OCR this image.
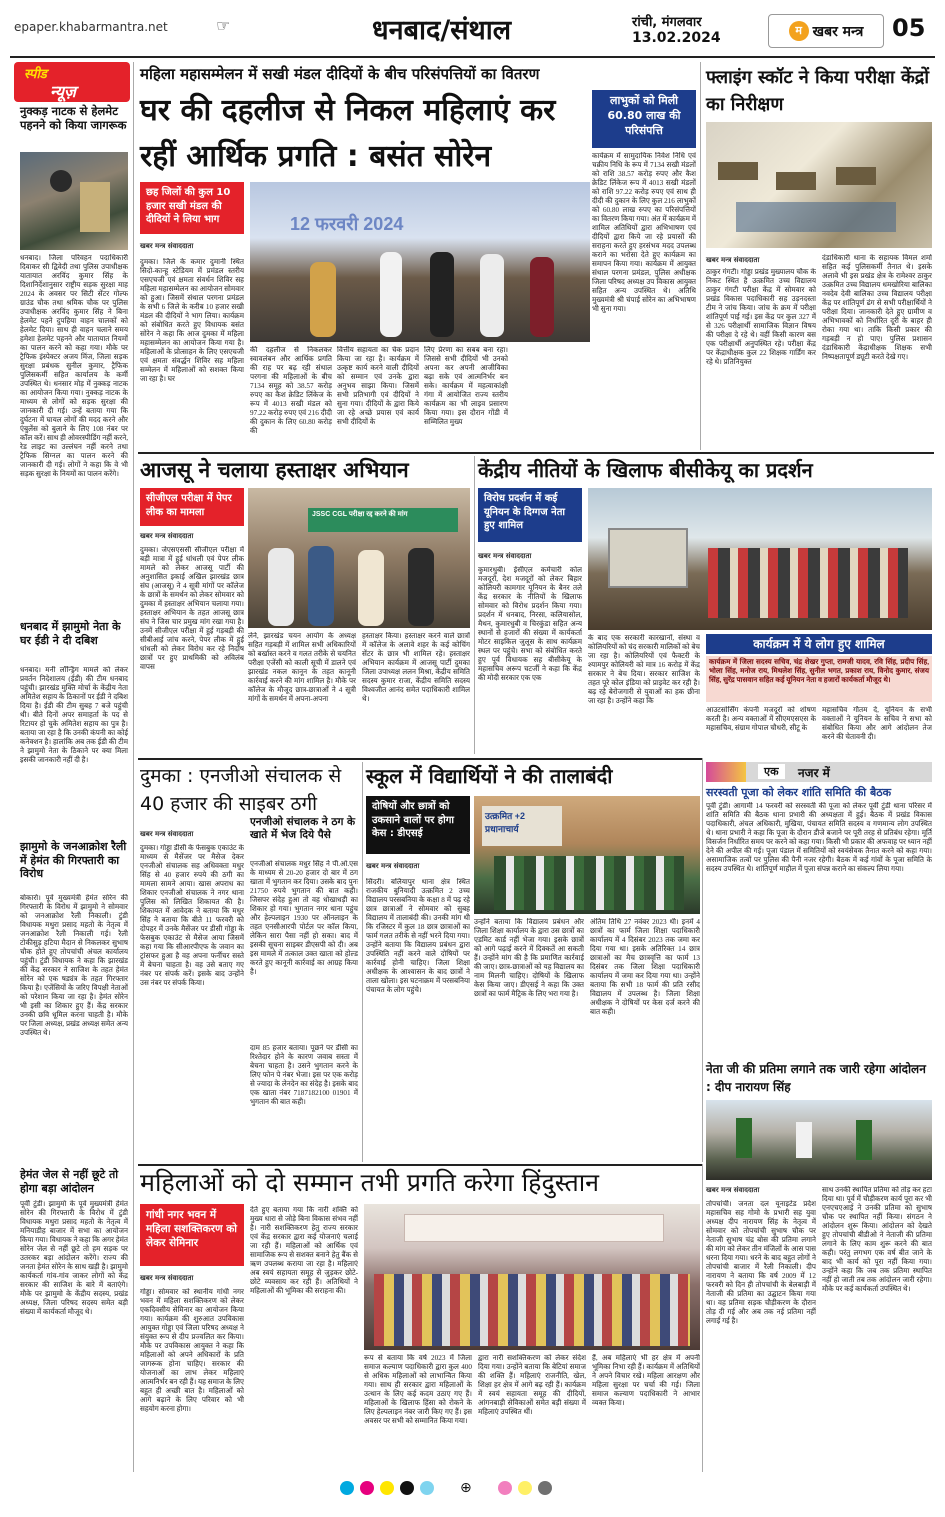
epaper.khabarmantra.net	☞	धनबाद/संथाल	रांची, मंगलवार
13.02.2024	म खबर मन्त्र 05
स्पीड
न्यूज़
नुक्कड़ नाटक से हेलमेट पहनने को किया जागरूक
धनबाद। जिला परिवहन पदाधिकारी दिवाकर सी द्विवेदी तथा पुलिस उपाधीक्षक यातायात अरविंद कुमार सिंह के दिशानिर्देशानुसार राष्ट्रीय सड़क सुरक्षा माह 2024 के अवसर पर सिटी सेंटर गोल्फ ग्राउंड चौक तथा श्रमिक चौक पर पुलिस उपाधीक्षक अरविंद कुमार सिंह ने बिना हेलमेट पहने दुपहिया वाहन चालकों को हेलमेट दिया। साथ ही वाहन चलाने समय हमेशा हेलमेट पहनने और यातायात नियमों का पालन करने को कहा गया। मौके पर ट्रैफिक इंस्पेक्टर अजय मिंज, जिला सड़क सुरक्षा प्रबंधक सुनील कुमार, ट्रैफिक पुलिसकर्मी सहित कार्यालय के कर्मी उपस्थित थे। धनसार मोड़ में नुक्कड़ नाटक का आयोजन किया गया। नुक्कड़ नाटक के माध्यम से लोगों को सड़क सुरक्षा की जानकारी दी गई। उन्हें बताया गया कि दुर्घटना में घायल लोगों की मदद करने और एंबुलेंस को बुलाने के लिए 108 नंबर पर कॉल करें। साथ ही ओवरस्पीडिंग नहीं करने, रेड लाइट का उल्लंघन नहीं करने तथा ट्रैफिक सिग्नल का पालन करने की जानकारी दी गई। लोगों ने कहा कि वे भी सड़क सुरक्षा के नियमों का पालन करेंगे।
धनबाद में झामुमो नेता के घर ईडी ने दी दबिश
धनबाद। मनी लॉन्ड्रिंग मामले को लेकर प्रवर्तन निदेशालय (ईडी) की टीम धनबाद पहुंची। झारखंड मुक्ति मोर्चा के केंद्रीय नेता अमितेश सहाय के ठिकानों पर ईडी ने दबिश दिया है। ईडी की टीम सुबह 7 बजे पहुंची थी। बीते दिनों अपर समाहर्ता के पद से रिटायर हो चुके अमितेश सहाय का पुत्र है। बताया जा रहा है कि उनकी कंपनी का कोई कनेक्शन है। हालांकि अब तक ईडी की टीम ने झामुमो नेता के ठिकाने पर क्या मिला इसकी जानकारी नहीं दी है।
झामुमो के जनआक्रोश रैली में हेमंत की गिरफ्तारी का विरोध
बोकारो। पूर्व मुख्यमंत्री हेमंत सोरेन की गिरफ्तारी के विरोध में झामुमो ने सोमवार को जनआक्रोश रैली निकाली। टुंडी विधायक मथुरा प्रसाद महतो के नेतृत्व में जनआक्रोश रैली निकाली गई। रैली टोकीसुड़ हटिया मैदान से निकलकर सुभाष चौक होते हुए तोपचांची अंचल कार्यालय पहुंची। टुंडी विधायक ने कहा कि झारखंड की केंद्र सरकार ने साजिश के तहत हेमंत सोरेन को एक षड्यंत्र के तहत गिरफ्तार किया है। एजेंसियों के जरिए विपक्षी नेताओं को परेशान किया जा रहा है। हेमंत सोरेन भी इसी का शिकार हुए हैं। केंद्र सरकार उनकी छवि धूमिल करना चाहती है। मौके पर जिला अध्यक्ष, प्रखंड अध्यक्ष समेत अन्य उपस्थित थे।
हेमंत जेल से नहीं छूटे तो होगा बड़ा आंदोलन
पूर्वी टुंडी। झामुमो के पूर्व मुख्यमंत्री हेमंत सोरेन की गिरफ्तारी के विरोध में टुंडी विधायक मथुरा प्रसाद महतो के नेतृत्व में मनियाडीह बाजार में सभा का आयोजन किया गया। विधायक ने कहा कि अगर हेमंत सोरेन जेल से नहीं छूटे तो हम सड़क पर उतरकर बड़ा आंदोलन करेंगे। राज्य की जनता हेमंत सोरेन के साथ खड़ी है। झामुमो कार्यकर्ता गांव-गांव जाकर लोगों को केंद्र सरकार की साजिश के बारे में बताएंगे। मौके पर झामुमो के केंद्रीय सदस्य, प्रखंड अध्यक्ष, जिला परिषद सदस्य समेत बड़ी संख्या में कार्यकर्ता मौजूद थे।
महिला महासम्मेलन में सखी मंडल दीदियों के बीच परिसंपत्तियों का वितरण
घर की दहलीज से निकल महिलाएं कर रहीं आर्थिक प्रगति : बसंत सोरेन
लाभुकों को मिली 60.80 लाख की परिसंपत्ति
छह जिलों की कुल 10 हजार सखी मंडल की दीदियों ने लिया भाग	12 फरवरी 2024
खबर मन्त्र संवाददाता
दुमका। जिले के कमार दुमानी स्थित सिदो-कान्हू स्टेडियम में प्रमंडल स्तरीय एसएचजी एवं क्षमता संवर्धन शिविर सह महिला महासम्मेलन का आयोजन सोमवार को हुआ। जिसमें संथाल परगना प्रमंडल के सभी 6 जिले के करीब 10 हजार सखी मंडल की दीदियों ने भाग लिया। कार्यक्रम को संबोधित करते हुए विधायक बसंत सोरेन ने कहा कि आज दुमका में महिला महासम्मेलन का आयोजन किया गया है। महिलाओं के प्रोत्साहन के लिए एसएचजी एवं क्षमता संवर्द्धन शिविर सह महिला सम्मेलन में महिलाओं को सशक्त किया जा रहा है। घर
की दहलीज से निकलकर स्वावलंबन और आर्थिक प्रगति की राह पर बढ़ रही संथाल परगना की महिलाओं के बीच 7134 समूह को 38.57 करोड़ रुपए का कैश क्रेडिट लिंकेज के रूप में 4013 सखी मंडल को 97.22 करोड़ रुपए एवं 216 दीदी की दुकान के लिए 60.80 करोड़ की
वित्तीय सहायता का चेक प्रदान किया जा रहा है। कार्यक्रम में उत्कृष्ट कार्य करने वाली दीदियों को सम्मान एवं उनके द्वारा अनुभव साझा किया। जिसमें सभी प्रतिभागी एवं दीदियों ने सुना गया। दीदियों के द्वारा किये जा रहे अच्छे प्रयास एवं कार्य सभी दीदियों के
लिए प्रेरणा का सबब बना रहा। जिससे सभी दीदियों भी उनको अपना कर अपनी आजीविका बढ़ा सके एवं आत्मनिर्भर बन सके। कार्यक्रम में महत्वाकांक्षी गंगा में आयोजित राज्य स्तरीय कार्यक्रम का भी लाइव प्रसारण किया गया। इस दौरान गोंडी में सम्मिलित मुख्य
कार्यक्रम में सामुदायिक निवेश निधि एवं चक्रीय निधि के रूप में 7134 सखी मंडलों को राशि 38.57 करोड़ रुपए और कैश क्रेडिट लिंकेज रूप में 4013 सखी मंडलों को राशि 97.22 करोड़ रुपए एवं साथ ही दीदी की दुकान के लिए कुल 216 लाभुकों को 60.80 लाख रुपए का परिसंपत्तियों का वितरण किया गया। अंत में कार्यक्रम में शामिल अतिथियों द्वारा अभिभाषण एवं दीदियों द्वारा किये जा रहे प्रयासों की सराहना करते हुए हरसंभव मदद उपलब्ध कराने का भरोसा देते हुए कार्यक्रम का समापन किया गया। कार्यक्रम में आयुक्त संथाल परगना प्रमंडल, पुलिस अधीक्षक जिला परिषद अध्यक्ष उप विकास आयुक्त सहित अन्य उपस्थित थे। अतिथि मुख्यमंत्री श्री चंपाई सोरेन का अभिभाषण भी सुना गया।
फ्लाइंग स्कॉट ने किया परीक्षा केंद्रों का निरीक्षण
खबर मन्त्र संवाददाता
ठाकुर गंगटी। गोड्डा प्रखंड मुख्यालय चौक के निकट स्थित है उत्क्रमित उच्च विद्यालय ठाकुर गंगटी परीक्षा केंद्र में सोमवार को प्रखंड विकास पदाधिकारी सह उड़नदस्ता टीम ने जांच किया। जांच के क्रम में परीक्षा शांतिपूर्ण पाई गई। इस केंद्र पर कुल 327 में से 326 परीक्षार्थी सामाजिक विज्ञान विषय की परीक्षा दे रहे थे। वहीं किसी कारण बस एक परीक्षार्थी अनुपस्थित रहे। परीक्षा केंद्र पर केंद्राधीक्षक कुल 22 शिक्षक गार्डिंग कर रहे थे। प्रतिनियुक्त
दंडाधिकारी थाना के सहायक विमल शर्मा सहित कई पुलिसकर्मी तैनात थे। इसके अलावे भी इस प्रखंड क्षेत्र के रामेश्वर ठाकुर उत्क्रमित उच्च विद्यालय धमखोरिया बालिका नवदेव देवी बालिका उच्च विद्यालय परीक्षा केंद्र पर शांतिपूर्ण ढंग से सभी परीक्षार्थियों ने परीक्षा दिया। जानकारी देते हुए ग्रामीण व अभिभावकों को निर्धारित दूरी के बाहर ही रोका गया था। ताकि किसी प्रकार की गड़बड़ी न हो पाए। पुलिस प्रशासन दंडाधिकारी केंद्राधीक्षक शिक्षक सभी निष्पक्षतापूर्ण ड्यूटी करते देखे गए।
आजसू ने चलाया हस्ताक्षर अभियान
सीजीएल परीक्षा में पेपर लीक का मामला	JSSC CGL परीक्षा रद्द करने की मांग
खबर मन्त्र संवाददाता
दुमका। जेएसएससी सीजीएल परीक्षा में बड़ी मात्रा में हुई धांधली एवं पेपर लीक मामले को लेकर आजसू पार्टी की अनुशासित इकाई अखिल झारखंड छात्र संघ (आजसू) ने 4 सूत्री मांगों पर कॉलेज के छात्रों के समर्थन को लेकर सोमवार को दुमका में हस्ताक्षर अभियान चलाया गया। हस्ताक्षर अभियान के तहत आजसू छात्र संघ ने जिस चार प्रमुख मांग रखा गया है। उनमें सीजीएल परीक्षा में हुई गड़बड़ी की सीबीआई जांच करने, पेपर लीक में हुई धांधली को लेकर विरोध कर रहे निर्दोष छात्रों पर हुए प्राथमिकी को अविलंब वापस
लेने, झारखंड चयन आयोग के अध्यक्ष सहित गड़बड़ी में शामिल सभी अधिकारियों को बर्खास्त करने व गलत तरीके से चयनित परीक्षा एजेंसी को काली सूची में डालने एवं झारखंड नकल कानून के तहत कानूनी कार्रवाई करने की मांग शामिल है। मौके पर कॉलेज के मौजूद छात्र-छात्राओं ने 4 सूत्री मांगों के समर्थन में अपना-अपना
हस्ताक्षर किया। हस्ताक्षर करने वाले छात्रों में कॉलेज के अलावे शहर के कई कोचिंग सेंटर के छात्र भी शामिल रहे। हस्ताक्षर अभियान कार्यक्रम में आजसू पार्टी दुमका जिला उपाध्यक्ष ललन मिश्रा, केंद्रीय समिति सदस्य कुमार राजा, केंद्रीय समिति सदस्य विश्वजीत आनंद समेत पदाधिकारी शामिल थे।
केंद्रीय नीतियों के खिलाफ बीसीकेयू का प्रदर्शन
विरोध प्रदर्शन में कई यूनियन के दिग्गज नेता हुए शामिल
खबर मन्त्र संवाददाता
कुमारधुबी। ईसीएल कर्मचारी कोल मजदूरों, देश मजदूरों को लेकर बिहार कोलियरी कामगार यूनियन के बैनर तले केंद्र सरकार के नीतियों के खिलाफ सोमवार को विरोध प्रदर्शन किया गया। प्रदर्शन में धनबाद, निरसा, कलियासोल, मैथन, कुमारधुबी व चिरकुंडा सहित अन्य स्थानों से हजारों की संख्या में कार्यकर्ता मोटर साइकिल जुलूस के साथ कार्यक्रम स्थल पर पहुंचे। सभा को संबोधित करते हुए पूर्व विधायक सह बीसीकेयू के महासचिव अरूप चटर्जी ने कहा कि केंद्र की मोदी सरकार एक एक
कार्यक्रम में ये लोग हुए शामिल
कार्यक्रम में जिला सदस्य सचिव, चंद्र शेखर गुप्ता, रामजी यादव, रवि सिंह, प्रदीप सिंह, भोला सिंह, मनोज राय, मिथलेश सिंह, सुनील भगत, प्रकाश राय, विनोद कुमार, संजय सिंह, सुरेंद्र पासवान सहित कई यूनियन नेता व हजारों कार्यकर्ता मौजूद थे।
के बाद एक सरकारी कारखानों, संस्था व कोलियरियों को चंद सरकारी मालिकों को बेच जा रहा है। कोलियरियों एवं फैक्टरी के श्यामपुर कोलियरी को मात्र 16 करोड़ में केंद्र सरकार ने बेच दिया। सरकार साजिश के तहत पूरे कोल इंडिया को प्राइवेट कर रही है। बढ़ रहे बेरोजगारी से युवाओं का हक छीना जा रहा है। उन्होंने कहा कि
आउटसोर्सिंग कंपनी मजदूरों को शोषण करती है। अन्य वक्ताओं में सीएमएसएस के महासचिव, संग्राम गोपाल चौधरी, सीटू के
महासचिव गौतम दे, यूनियन के सभी वक्ताओं ने यूनियन के सचिव ने सभा को संबोधित किया और आगे आंदोलन तेज करने की चेतावनी दी।
दुमका : एनजीओ संचालक से 40 हजार की साइबर ठगी
खबर मन्त्र संवाददाता
दुमका। गोड्डा डीसी के फेसबुक एकाउंट के माध्यम से मैसेंजर पर मैसेज देकर एनजीओ संचालक सह अधिवक्ता मधुर सिंह से 40 हजार रुपये की ठगी का मामला सामने आया। खास अपराध का शिकार एनजीओ संचालक ने नगर थाना पुलिस को लिखित शिकायत की है। शिकायत में आवेदक ने बताया कि मधुर सिंह ने बताया कि बीते 11 फरवरी को दोपहर में उनके मैसेंजर पर डीसी गोड्डा के फेसबुक एकाउंट से मैसेज आया जिसमें कहा गया कि सीआरपीएफ के जवान का ट्रांसफर हुआ है वह अपना फर्नीचर सस्ते में बेचना चाहता है। वह उसे बताए गए नंबर पर संपर्क करें। इसके बाद उन्होंने उस नंबर पर संपर्क किया।
एनजीओ संचालक ने ठग के खाते में भेज दिये पैसे
एनजीओ संचालक मधुर सिंह ने पी.ओ.एस के माध्यम से 20-20 हजार दो बार में ठग खाता में भुगतान कर दिया। उसके बाद पुनः 21750 रुपये भुगतान की बात कही। जिसपर संदेह हुआ तो वह धोखाधड़ी का शिकार हो गया। भुगतान नगर थाना पहुंच और हेल्पलाइन 1930 पर ऑनलाइन के तहत एनसीआरपी पोर्टल पर कॉल किया, लेकिन सारा पैसा नहीं हो सका। बाद में इसकी सूचना साइबर डीएसपी को दी। अब इस मामले में तत्काल उक्त खाता को होल्ड करते हुए कानूनी कार्रवाई का आग्रह किया है।
दाम 85 हजार बताया। पूछने पर डीसी का रिश्तेदार होने के कारण जवाब सस्ता में बेचना चाहता है। उसने भुगतान करने के लिए फोन पे नंबर भेजा। इस पर एक करोड़ से ज्यादा के लेनदेन का संदेह है। इसके बाद एक खाता नंबर 7187182100 01901 में भुगतान की बात कही।
स्कूल में विद्यार्थियों ने की तालाबंदी
दोषियों और छात्रों को उकसाने वालों पर होगा केस : डीएसई
उत्क्रमित +2 प्रधानाचार्य
खबर मन्त्र संवाददाता
सिंदरी। बलियापुर थाना क्षेत्र स्थित राजकीय बुनियादी उत्क्रमित 2 उच्च विद्यालय परसबनिया के कक्षा 8 में पढ़ रहे छात्र छात्राओं ने सोमवार को सुबह विद्यालय में तालाबंदी की। उनकी मांग थी कि रजिस्टर में कुल 18 छात्र छात्राओं का फार्म गलत तरीके से नहीं भरने दिया गया। उन्होंने बताया कि विद्यालय प्रबंधन द्वारा उपस्थिति नहीं करने वाले दोषियों पर कार्रवाई होनी चाहिए। जिला शिक्षा अधीक्षक के आश्वासन के बाद छात्रों ने ताला खोला। इस घटनाक्रम में परसबनिया पंचायत के लोग पहुंचे।
उन्होंने बताया कि विद्यालय प्रबंधन और जिला शिक्षा कार्यालय के द्वारा उस छात्रों का एडमिट कार्ड नहीं भेजा गया। इसके छात्रों को आगे पढ़ाई करने में दिक्कतें आ सकती हैं। उन्होंने मांग की है कि प्रमाणित कार्रवाई की जाए। छात्र-छात्राओं को यह विद्यालय का नाम मिलनी चाहिए। दोषियों के खिलाफ केस किया जाए। डीएसई ने कहा कि उक्त छात्रों का फार्म मैट्रिक के लिए भरा गया है।
अंतिम तिथि 27 नवंबर 2023 थी। इनमें 4 छात्रों का फार्म जिला शिक्षा पदाधिकारी कार्यालय में 4 दिसंबर 2023 तक जमा कर दिया गया था। इसके अतिरिक्त 14 छात्र छात्राओं का मैच छात्रवृत्ति का फार्म 13 दिसंबर तक जिला शिक्षा पदाधिकारी कार्यालय में जमा कर दिया गया था। उन्होंने बताया कि सभी 18 फार्म की प्रति रसीद विद्यालय में उपलब्ध है। जिला शिक्षा अधीक्षक ने दोषियों पर केस दर्ज करने की बात कही।
एक	नजर में
सरस्वती पूजा को लेकर शांति समिति की बैठक
पूर्वी टुंडी। आगामी 14 फरवरी को सरस्वती की पूजा को लेकर पूर्वी टुंडी थाना परिसर में शांति समिति की बैठक थाना प्रभारी की अध्यक्षता में हुई। बैठक में प्रखंड विकास पदाधिकारी, अंचल अधिकारी, मुखिया, पंचायत समिति सदस्य व गणमान्य लोग उपस्थित थे। थाना प्रभारी ने कहा कि पूजा के दौरान डीजे बजाने पर पूरी तरह से प्रतिबंध रहेगा। मूर्ति विसर्जन निर्धारित समय पर करने को कहा गया। किसी भी प्रकार की अफवाह पर ध्यान नहीं देने की अपील की गई। पूजा पंडाल में समितियों को स्वयंसेवक तैनात करने को कहा गया। असामाजिक तत्वों पर पुलिस की पैनी नजर रहेगी। बैठक में कई गांवों के पूजा समिति के सदस्य उपस्थित थे। शांतिपूर्ण माहौल में पूजा संपन्न कराने का संकल्प लिया गया।
नेता जी की प्रतिमा लगाने तक जारी रहेगा आंदोलन : दीप नारायण सिंह
खबर मन्त्र संवाददाता
तोपचांची। जनता दल यूनाइटेड प्रदेश महासचिव सह गोमो के प्रभारी सह युवा अध्यक्ष दीप नारायण सिंह के नेतृत्व में सोमवार को तोपचांची सुभाष चौक पर नेताजी सुभाष चंद्र बोस की प्रतिमा लगाने की मांग को लेकर तीन मंजिलों के आस पास धरना दिया गया। धरने के बाद बहुत लोगों ने तोपचांची बाजार में रैली निकाली। दीप नारायण ने बताया कि वर्ष 2009 में 12 फरवरी को दिन ही तोपचांची के बेलबाड़ी में नेताजी की प्रतिमा का उद्घाटन किया गया था। वह प्रतिमा सड़क चौड़ीकरण के दौरान तोड़ दी गई और अब तक नई प्रतिमा नहीं लगाई गई है।
साथ उनकी स्थापित प्रतिमा को तोड़ कर हटा दिया था। पूर्व में चौड़ीकरण कार्य पूरा कर भी एनएचएआई ने उनकी प्रतिमा को सुभाष चौक पर स्थापित नहीं किया। संगठन ने आंदोलन शुरू किया। आंदोलन को देखते हुए तोपचांची बीडीओ ने नेताजी की प्रतिमा लगाने के लिए काम शुरू करने की बात कही। परंतु लगभग एक वर्ष बीत जाने के बाद भी कार्य को पूरा नहीं किया गया। उन्होंने कहा कि जब तक प्रतिमा स्थापित नहीं हो जाती तब तक आंदोलन जारी रहेगा। मौके पर कई कार्यकर्ता उपस्थित थे।
महिलाओं को दो सम्मान तभी प्रगति करेगा हिंदुस्तान
गांधी नगर भवन में महिला सशक्तिकरण को लेकर सेमिनार
खबर मन्त्र संवाददाता
गोड्डा। सोमवार को स्थानीय गांधी नगर भवन में महिला सशक्तिकरण को लेकर एकदिवसीय सेमिनार का आयोजन किया गया। कार्यक्रम की शुरुआत उपविकास आयुक्त गोड्डा एवं जिला परिषद अध्यक्ष ने संयुक्त रूप से दीप प्रज्वलित कर किया। मौके पर उपविकास आयुक्त ने कहा कि महिलाओं को अपने अधिकारों के प्रति जागरूक होना चाहिए। सरकार की योजनाओं का लाभ लेकर महिलाएं आत्मनिर्भर बन रही हैं। यह समाज के लिए बहुत ही अच्छी बात है। महिलाओं को आगे बढ़ाने के लिए परिवार को भी सहयोग करना होगा।
देते हुए बताया गया कि नारी शक्ति को मुख्य धारा से जोड़े बिना विकास संभव नहीं है। नारी सशक्तिकरण हेतु राज्य सरकार एवं केंद्र सरकार द्वारा कई योजनाएं चलाई जा रही हैं। महिलाओं को आर्थिक एवं सामाजिक रूप से सशक्त बनाने हेतु बैंक से ऋण उपलब्ध कराया जा रहा है। महिलाएं अब स्वयं सहायता समूह से जुड़कर छोटे-छोटे व्यवसाय कर रही हैं। अतिथियों ने महिलाओं की भूमिका की सराहना की।
रूप से बताया कि वर्ष 2023 में जिला समाज कल्याण पदाधिकारी द्वारा कुल 400 से अधिक महिलाओं को लाभान्वित किया गया। साथ ही सरकार द्वारा महिलाओं के उत्थान के लिए कई कदम उठाए गए हैं। महिलाओं के खिलाफ हिंसा को रोकने के लिए हेल्पलाइन नंबर जारी किए गए हैं। इस अवसर पर सभी को सम्मानित किया गया।
द्वारा नारी सशक्तिकरण को लेकर संदेश दिया गया। उन्होंने बताया कि बेटियां समाज की शक्ति हैं। महिलाएं राजनीति, खेल, शिक्षा हर क्षेत्र में आगे बढ़ रही हैं। कार्यक्रम में स्वयं सहायता समूह की दीदियों, आंगनबाड़ी सेविकाओं समेत बड़ी संख्या में महिलाएं उपस्थित थीं।
हैं, अब महिलाएं भी हर क्षेत्र में अपनी भूमिका निभा रही हैं। कार्यक्रम में अतिथियों ने अपने विचार रखे। महिला आरक्षण और महिला सुरक्षा पर चर्चा की गई। जिला समाज कल्याण पदाधिकारी ने आभार व्यक्त किया।
⊕
